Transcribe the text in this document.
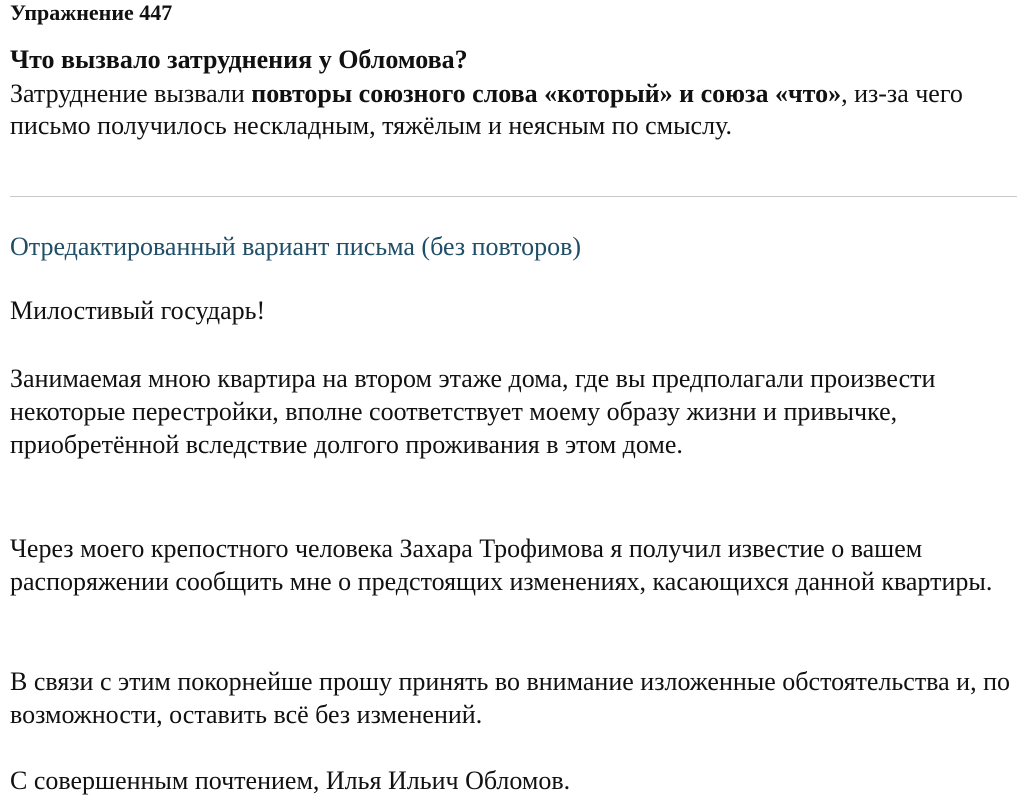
Упражнение 447
Что вызвало затруднения у Обломова?

Затруднение вызвали повторы союзного слова «который» и союза «что», из-за чего письмо получилось нескладным, тяжёлым и неясным по смыслу.

Отредактированный вариант письма (без повторов)

Милостивый государь!

Занимаемая мною квартира на втором этаже дома, где вы предполагали произвести некоторые перестройки, вполне соответствует моему образу жизни и привычке, приобретённой вследствие долгого проживания в этом доме.

Через моего крепостного человека Захара Трофимова я получил известие о вашем распоряжении сообщить мне о предстоящих изменениях, касающихся данной квартиры.

В связи с этим покорнейше прошу принять во внимание изложенные обстоятельства и, по возможности, оставить всё без изменений.

С совершенным почтением, Илья Ильич Обломов.
